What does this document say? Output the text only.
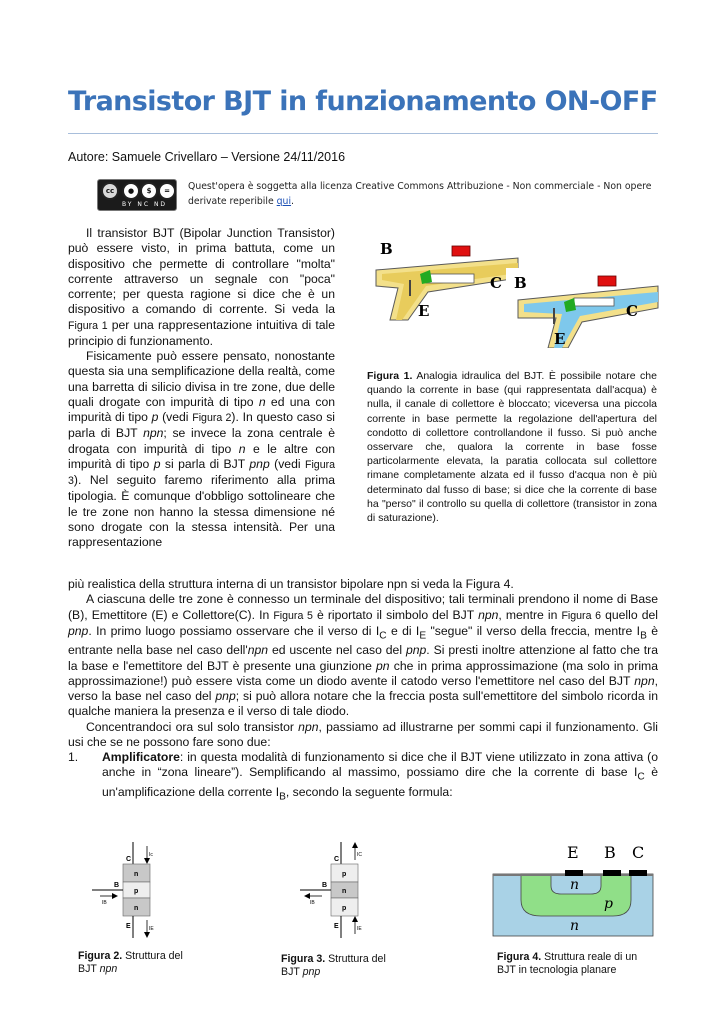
Transistor BJT in funzionamento ON-OFF
Autore: Samuele Crivellaro – Versione 24/11/2016
cc	●	$	=
BY NC ND
Quest'opera è soggetta alla licenza Creative Commons Attribuzione - Non commerciale - Non opere derivate reperibile qui.

Il transistor BJT (Bipolar Junction Transistor) può essere visto, in prima battuta, come un dispositivo che permette di controllare "molta" corrente attraverso un segnale con "poca" corrente; per questa ragione si dice che è un dispositivo a comando di corrente. Si veda la Figura 1 per una rappresentazione intuitiva di tale principio di funzionamento.

Fisicamente può essere pensato, nonostante questa sia una semplificazione della realtà, come una barretta di silicio divisa in tre zone, due delle quali drogate con impurità di tipo n ed una con impurità di tipo p (vedi Figura 2). In questo caso si parla di BJT npn; se invece la zona centrale è drogata con impurità di tipo n e le altre con impurità di tipo p si parla di BJT pnp (vedi Figura 3). Nel seguito faremo riferimento alla prima tipologia. È comunque d'obbligo sottolineare che le tre zone non hanno la stessa dimensione né sono drogate con la stessa intensità. Per una rappresentazione

B
C
E
B
C
E
Figura 1. Analogia idraulica del BJT. È possibile notare che quando la corrente in base (qui rappresentata dall'acqua) è nulla, il canale di collettore è bloccato; viceversa una piccola corrente in base permette la regolazione dell'apertura del condotto di collettore controllandone il fusso. Si può anche osservare che, qualora la corrente in base fosse particolarmente elevata, la paratia collocata sul collettore rimane completamente alzata ed il fusso d'acqua non è più determinato dal fusso di base; si dice che la corrente di base ha "perso" il controllo su quella di collettore (transistor in zona di saturazione).

più realistica della struttura interna di un transistor bipolare npn si veda la Figura 4.

A ciascuna delle tre zone è connesso un terminale del dispositivo; tali terminali prendono il nome di Base (B), Emettitore (E) e Collettore(C). In Figura 5 è riportato il simbolo del BJT npn, mentre in Figura 6 quello del pnp. In primo luogo possiamo osservare che il verso di $I_C$ e di $I_E$ "segue" il verso della freccia, mentre $I_B$ è entrante nella base nel caso dell'npn ed uscente nel caso del pnp. Si presti inoltre attenzione al fatto che tra la base e l'emettitore del BJT è presente una giunzione pn che in prima approssimazione (ma solo in prima approssimazione!) può essere vista come un diodo avente il catodo verso l'emettitore nel caso del BJT npn, verso la base nel caso del pnp; si può allora notare che la freccia posta sull'emettitore del simbolo ricorda in qualche maniera la presenza e il verso di tale diodo.

Concentrandoci ora sul solo transistor npn, passiamo ad illustrarne per sommi capi il funzionamento. Gli usi che se ne possono fare sono due:

1. Amplificatore: in questa modalità di funzionamento si dice che il BJT viene utilizzato in zona attiva (o anche in “zona lineare”). Semplificando al massimo, possiamo dire che la corrente di base $I_C$ è un'amplificazione della corrente $I_B$, secondo la seguente formula:
C
Ic
n
p
n
B
IB
E	IE
Figura 2. Struttura del BJT npn
C
IC
p
n
p
B
IB
E	IE
Figura 3. Struttura del BJT pnp
E B C
n
p
n
Figura 4. Struttura reale di un BJT in tecnologia planare
